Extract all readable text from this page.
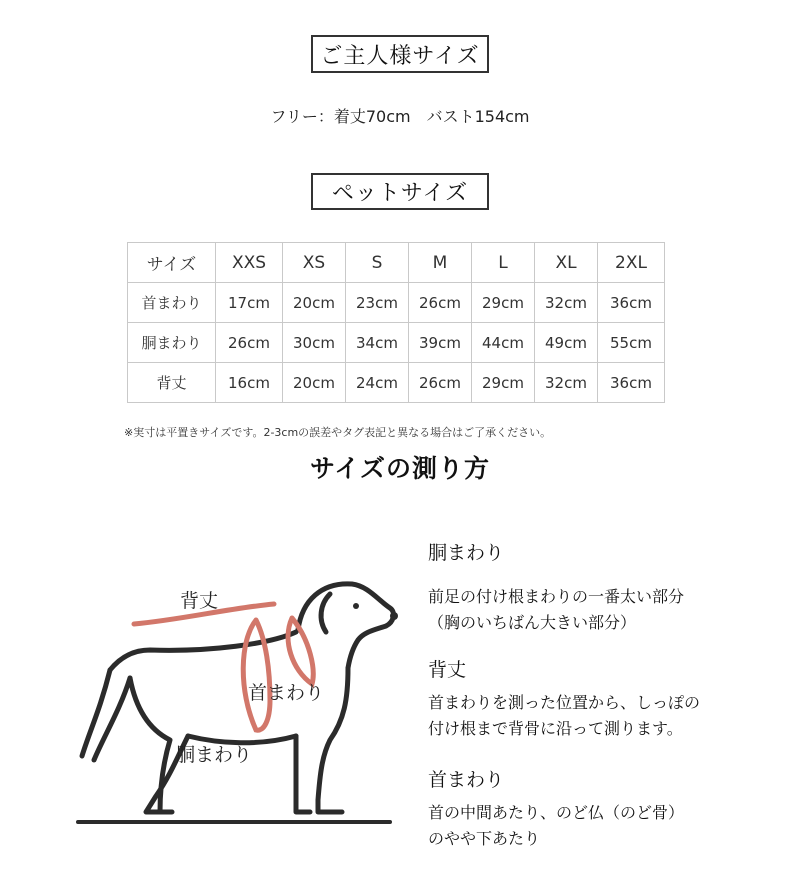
ご主人様サイズ
フリー：着丈70cm　バスト154cm
ペットサイズ
サイズ	XXS	XS	S	M	L	XL	2XL
首まわり	17cm	20cm	23cm	26cm	29cm	32cm	36cm
胴まわり	26cm	30cm	34cm	39cm	44cm	49cm	55cm
背丈	16cm	20cm	24cm	26cm	29cm	32cm	36cm
※実寸は平置きサイズです。2-3cmの誤差やタグ表記と異なる場合はご了承ください。
サイズの測り方
背丈
首まわり
胴まわり
胴まわり
前足の付け根まわりの一番太い部分
（胸のいちばん大きい部分）
背丈
首まわりを測った位置から、しっぽの
付け根まで背骨に沿って測ります。
首まわり
首の中間あたり、のど仏（のど骨）
のやや下あたり
